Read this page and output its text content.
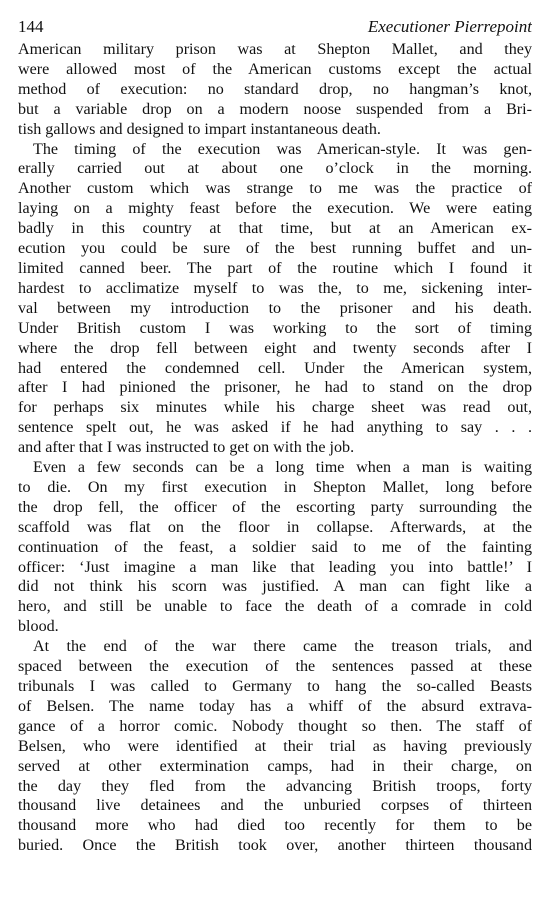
144	Executioner Pierrepoint
American military prison was at Shepton Mallet, and they
were allowed most of the American customs except the actual
method of execution: no standard drop, no hangman’s knot,
but a variable drop on a modern noose suspended from a Bri-
tish gallows and designed to impart instantaneous death.
The timing of the execution was American-style. It was gen-
erally carried out at about one o’clock in the morning.
Another custom which was strange to me was the practice of
laying on a mighty feast before the execution. We were eating
badly in this country at that time, but at an American ex-
ecution you could be sure of the best running buffet and un-
limited canned beer. The part of the routine which I found it
hardest to acclimatize myself to was the, to me, sickening inter-
val between my introduction to the prisoner and his death.
Under British custom I was working to the sort of timing
where the drop fell between eight and twenty seconds after I
had entered the condemned cell. Under the American system,
after I had pinioned the prisoner, he had to stand on the drop
for perhaps six minutes while his charge sheet was read out,
sentence spelt out, he was asked if he had anything to say . . .
and after that I was instructed to get on with the job.
Even a few seconds can be a long time when a man is waiting
to die. On my first execution in Shepton Mallet, long before
the drop fell, the officer of the escorting party surrounding the
scaffold was flat on the floor in collapse. Afterwards, at the
continuation of the feast, a soldier said to me of the fainting
officer: ‘Just imagine a man like that leading you into battle!’ I
did not think his scorn was justified. A man can fight like a
hero, and still be unable to face the death of a comrade in cold
blood.
At the end of the war there came the treason trials, and
spaced between the execution of the sentences passed at these
tribunals I was called to Germany to hang the so-called Beasts
of Belsen. The name today has a whiff of the absurd extrava-
gance of a horror comic. Nobody thought so then. The staff of
Belsen, who were identified at their trial as having previously
served at other extermination camps, had in their charge, on
the day they fled from the advancing British troops, forty
thousand live detainees and the unburied corpses of thirteen
thousand more who had died too recently for them to be
buried. Once the British took over, another thirteen thousand
